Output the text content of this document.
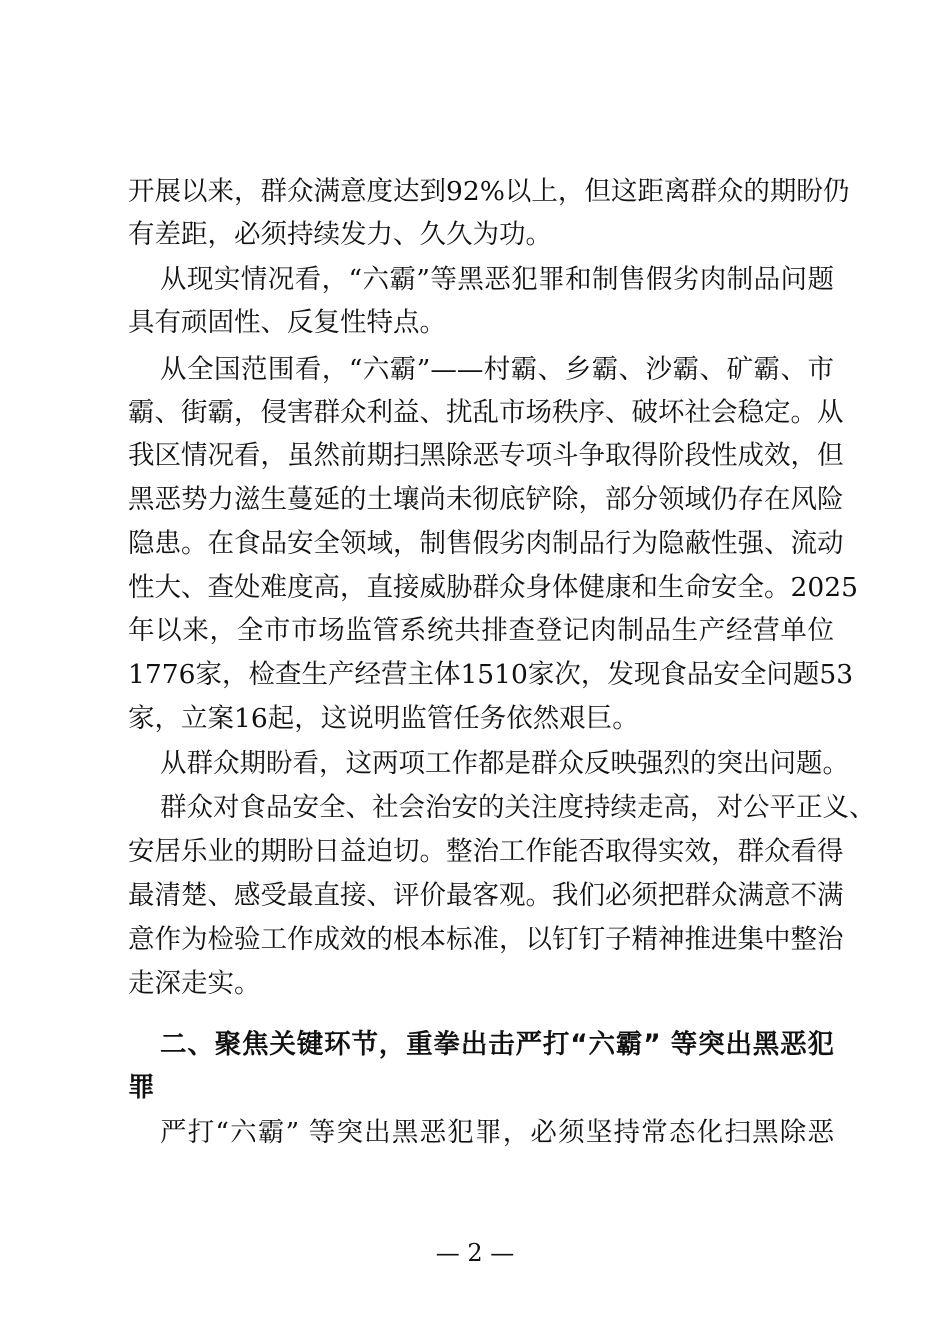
开展以来，群众满意度达到92%以上，但这距离群众的期盼仍
有差距，必须持续发力、久久为功。
从现实情况看，“六霸”等黑恶犯罪和制售假劣肉制品问题
具有顽固性、反复性特点。
从全国范围看，“六霸”——村霸、乡霸、沙霸、矿霸、市
霸、街霸，侵害群众利益、扰乱市场秩序、破坏社会稳定。从
我区情况看，虽然前期扫黑除恶专项斗争取得阶段性成效，但
黑恶势力滋生蔓延的土壤尚未彻底铲除，部分领域仍存在风险
隐患。在食品安全领域，制售假劣肉制品行为隐蔽性强、流动
性大、查处难度高，直接威胁群众身体健康和生命安全。2025
年以来，全市市场监管系统共排查登记肉制品生产经营单位
1776家，检查生产经营主体1510家次，发现食品安全问题53
家，立案16起，这说明监管任务依然艰巨。
从群众期盼看，这两项工作都是群众反映强烈的突出问题。
群众对食品安全、社会治安的关注度持续走高，对公平正义、
安居乐业的期盼日益迫切。整治工作能否取得实效，群众看得
最清楚、感受最直接、评价最客观。我们必须把群众满意不满
意作为检验工作成效的根本标准，以钉钉子精神推进集中整治
走深走实。
二、聚焦关键环节，重拳出击严打“六霸” 等突出黑恶犯
罪
严打“六霸” 等突出黑恶犯罪，必须坚持常态化扫黑除恶
— 2 —
